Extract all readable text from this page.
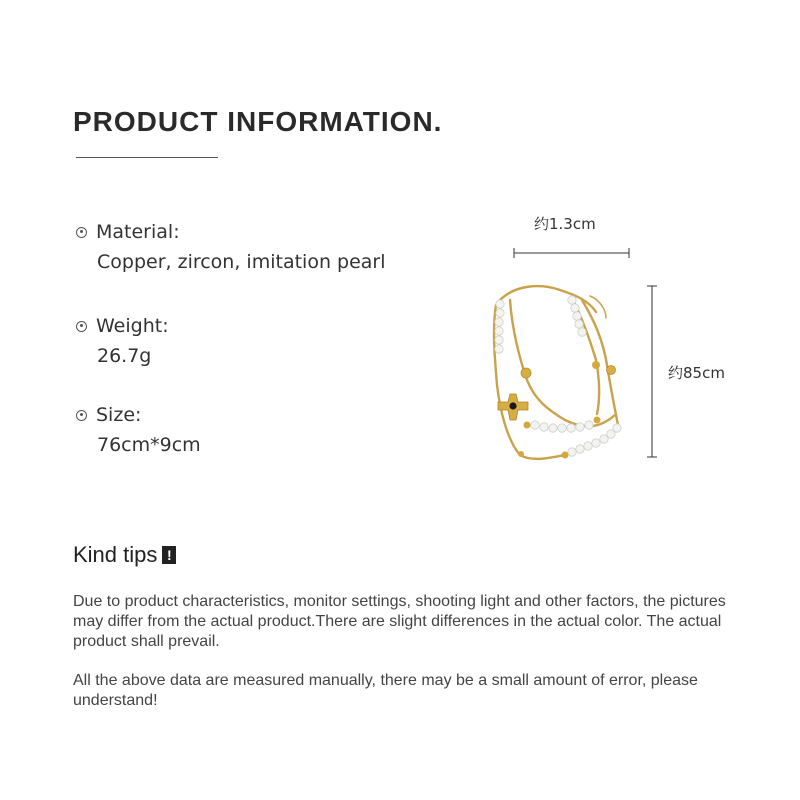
PRODUCT INFORMATION.
Material:
Copper, zircon, imitation pearl
Weight:
26.7g
Size:
76cm*9cm
约1.3cm
约85cm
Kind tips !

Due to product characteristics, monitor settings, shooting light and other factors, the pictures may differ from the actual product.There are slight differences in the actual color. The actual product shall prevail.

All the above data are measured manually, there may be a small amount of error, please understand!
